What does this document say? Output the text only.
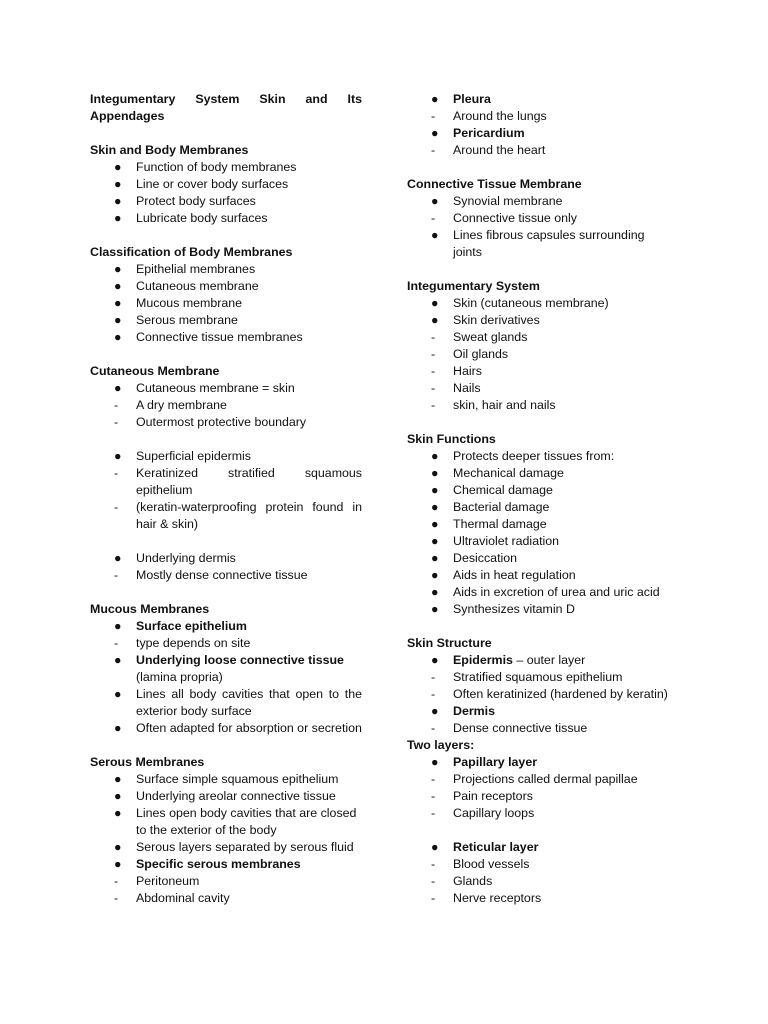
Integumentary System Skin and Its Appendages
Skin and Body Membranes
●	Function of body membranes
●	Line or cover body surfaces
●	Protect body surfaces
●	Lubricate body surfaces
Classification of Body Membranes
●	Epithelial membranes
●	Cutaneous membrane
●	Mucous membrane
●	Serous membrane
●	Connective tissue membranes
Cutaneous Membrane
●	Cutaneous membrane = skin
-	A dry membrane
-	Outermost protective boundary
●	Superficial epidermis
-	Keratinized stratified squamous epithelium
-	(keratin-waterproofing protein found in hair & skin)
●	Underlying dermis
-	Mostly dense connective tissue
Mucous Membranes
●	Surface epithelium
-	type depends on site
●	Underlying loose connective tissue
(lamina propria)
●	Lines all body cavities that open to the exterior body surface
●	Often adapted for absorption or secretion
Serous Membranes
●	Surface simple squamous epithelium
●	Underlying areolar connective tissue
●	Lines open body cavities that are closed to the exterior of the body
●	Serous layers separated by serous fluid
●	Specific serous membranes
-	Peritoneum
-	Abdominal cavity
●	Pleura
-	Around the lungs
●	Pericardium
-	Around the heart
Connective Tissue Membrane
●	Synovial membrane
-	Connective tissue only
●	Lines fibrous capsules surrounding joints
Integumentary System
●	Skin (cutaneous membrane)
●	Skin derivatives
-	Sweat glands
-	Oil glands
-	Hairs
-	Nails
-	skin, hair and nails
Skin Functions
●	Protects deeper tissues from:
●	Mechanical damage
●	Chemical damage
●	Bacterial damage
●	Thermal damage
●	Ultraviolet radiation
●	Desiccation
●	Aids in heat regulation
●	Aids in excretion of urea and uric acid
●	Synthesizes vitamin D
Skin Structure
●	Epidermis – outer layer
-	Stratified squamous epithelium
-	Often keratinized (hardened by keratin)
●	Dermis
-	Dense connective tissue
Two layers:
●	Papillary layer
-	Projections called dermal papillae
-	Pain receptors
-	Capillary loops
●	Reticular layer
-	Blood vessels
-	Glands
-	Nerve receptors
